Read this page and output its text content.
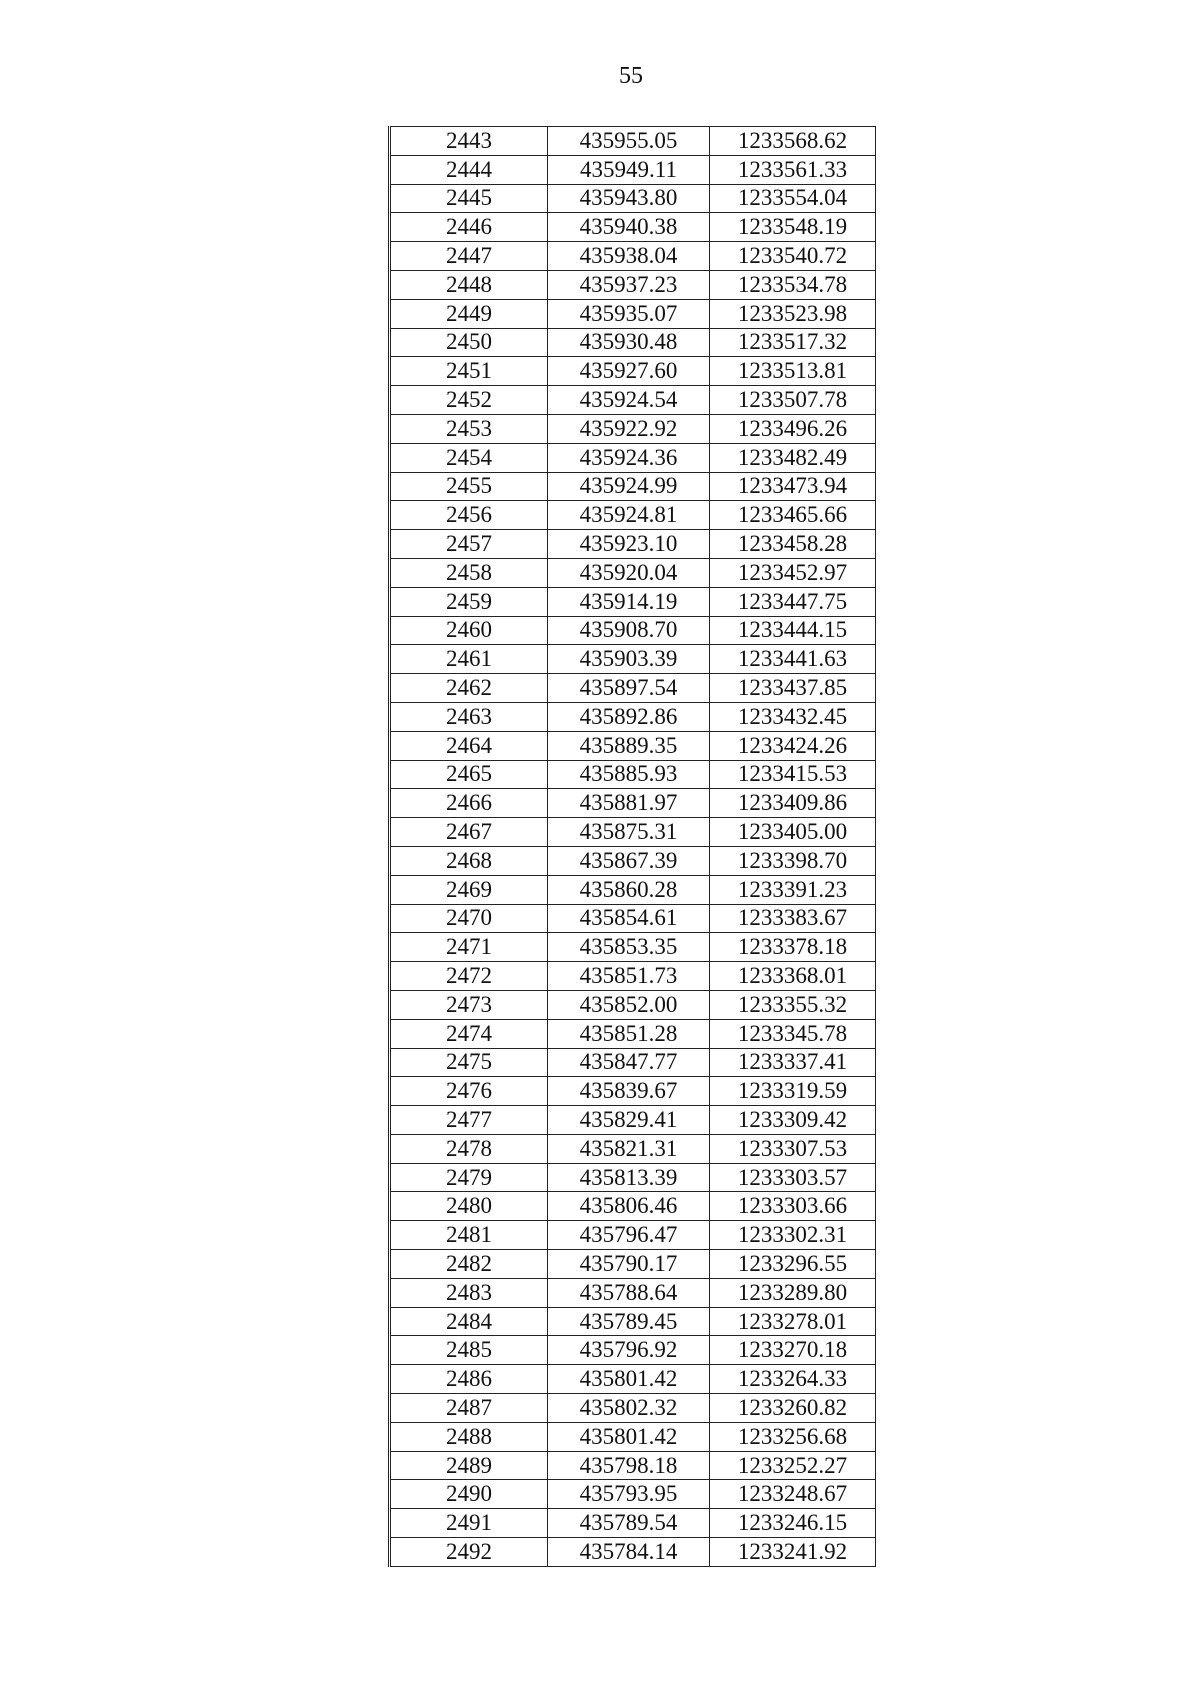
55
2443	435955.05	1233568.62
2444	435949.11	1233561.33
2445	435943.80	1233554.04
2446	435940.38	1233548.19
2447	435938.04	1233540.72
2448	435937.23	1233534.78
2449	435935.07	1233523.98
2450	435930.48	1233517.32
2451	435927.60	1233513.81
2452	435924.54	1233507.78
2453	435922.92	1233496.26
2454	435924.36	1233482.49
2455	435924.99	1233473.94
2456	435924.81	1233465.66
2457	435923.10	1233458.28
2458	435920.04	1233452.97
2459	435914.19	1233447.75
2460	435908.70	1233444.15
2461	435903.39	1233441.63
2462	435897.54	1233437.85
2463	435892.86	1233432.45
2464	435889.35	1233424.26
2465	435885.93	1233415.53
2466	435881.97	1233409.86
2467	435875.31	1233405.00
2468	435867.39	1233398.70
2469	435860.28	1233391.23
2470	435854.61	1233383.67
2471	435853.35	1233378.18
2472	435851.73	1233368.01
2473	435852.00	1233355.32
2474	435851.28	1233345.78
2475	435847.77	1233337.41
2476	435839.67	1233319.59
2477	435829.41	1233309.42
2478	435821.31	1233307.53
2479	435813.39	1233303.57
2480	435806.46	1233303.66
2481	435796.47	1233302.31
2482	435790.17	1233296.55
2483	435788.64	1233289.80
2484	435789.45	1233278.01
2485	435796.92	1233270.18
2486	435801.42	1233264.33
2487	435802.32	1233260.82
2488	435801.42	1233256.68
2489	435798.18	1233252.27
2490	435793.95	1233248.67
2491	435789.54	1233246.15
2492	435784.14	1233241.92
